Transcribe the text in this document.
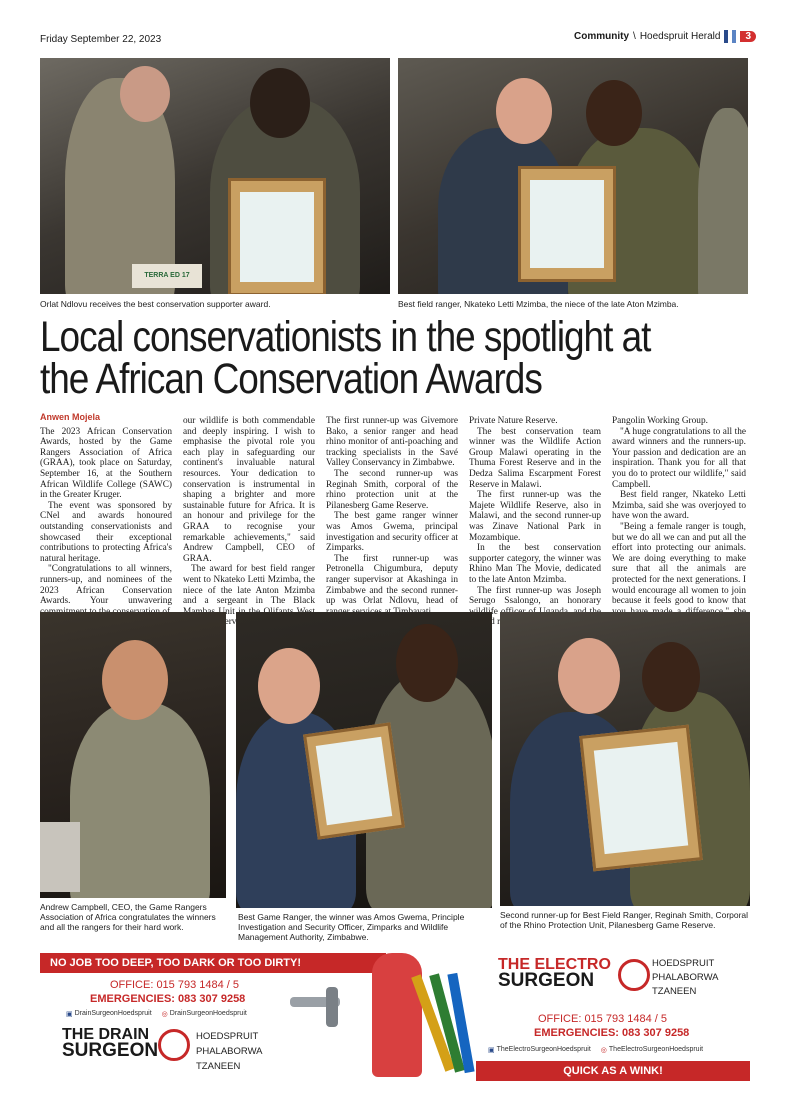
Friday September 22, 2023	Community \ Hoedspruit Herald	3
TERRA ED 17
Orlat Ndlovu receives the best conservation supporter award.	Best field ranger, Nkateko Letti Mzimba, the niece of the late Aton Mzimba.
Local conservationists in the spotlight at the African Conservation Awards
Anwen Mojela

The 2023 African Conservation Awards, hosted by the Game Rangers Association of Africa (GRAA), took place on Saturday, September 16, at the Southern African Wildlife College (SAWC) in the Greater Kruger.

The event was sponsored by CNel and awards honoured outstanding conservationists and showcased their exceptional contributions to protecting Africa's natural heritage.

"Congratulations to all winners, runners-up, and nominees of the 2023 African Conservation Awards. Your unwavering

our wildlife is both commendable and deeply inspiring. I wish to emphasise the pivotal role you each play in safeguarding our continent's invaluable natural resources. Your dedication to conservation is instrumental in shaping a brighter and more sustainable future for Africa. It is an honour and privilege for the GRAA to recognise your remarkable achievements," said Andrew Campbell, CEO of GRAA.

The award for best field ranger went to Nkateko Letti Mzimba, the niece of the late Anton Mzimba and a sergeant in The Black Unit Reserve.

The first runner-up was Givemore Bako, a senior ranger and head rhino monitor of anti-poaching and tracking specialists in the Savé Valley Conservancy in Zimbabwe.

The second runner-up was Reginah Smith, corporal of the rhino protection unit at the Pilanesberg Game Reserve.

The best game ranger winner was Amos Gwema, principal investigation and security officer at Zimparks.

The first runner-up was Petronella Chigumbura, deputy ranger supervisor at Akashinga in Zimbabwe and the second runner-up was Orlat Ndlovu, head of

Private Nature Reserve.

The best conservation team winner was the Wildlife Action Group Malawi operating in the Thuma Forest Reserve and in the Dedza Salima Escarpment Forest Reserve in Malawi.

The first runner-up was the Majete Wildlife Reserve, also in Malawi, and the second runner-up was Zinave National Park in Mozambique.

In the best conservation supporter category, the winner was Rhino Man The Movie, dedicated to the late Anton Mzimba.

The first runner-up was Joseph Serugo Ssalongo, an honorary

Pangolin Working Group.

"A huge congratulations to all the award winners and the runners-up. Your passion and dedication are an inspiration. Thank you for all that you do to protect our wildlife," said Campbell.

Best field ranger, Nkateko Letti Mzimba, said she was overjoyed to have won the award.

"Being a female ranger is tough, but we do all we can and put all the effort into protecting our animals. We are doing everything to make sure that all the animals are protected for the next generations. I would encourage all women to join because it feels good to know that

Andrew Campbell, CEO, the Game Rangers Association of Africa congratulates the winners and all the rangers for their hard work.
Best Game Ranger, the winner was Amos Gwema, Principle Investigation and Security Officer, Zimparks and Wildlife Management Authority, Zimbabwe.
Second runner-up for Best Field Ranger, Reginah Smith, Corporal of the Rhino Protection Unit, Pilanesberg Game Reserve.
NO JOB TOO DEEP, TOO DARK OR TOO DIRTY!
OFFICE: 015 793 1484 / 5
EMERGENCIES: 083 307 9258
▣ DrainSurgeonHoedspruit ◎ DrainSurgeonHoedspruit
THE DRAIN
SURGEON
HOEDSPRUIT
PHALABORWA
TZANEEN
THE ELECTRO
SURGEON
HOEDSPRUIT
PHALABORWA
TZANEEN
OFFICE: 015 793 1484 / 5
EMERGENCIES: 083 307 9258
▣ TheElectroSurgeonHoedspruit ◎ TheElectroSurgeonHoedspruit
QUICK AS A WINK!
